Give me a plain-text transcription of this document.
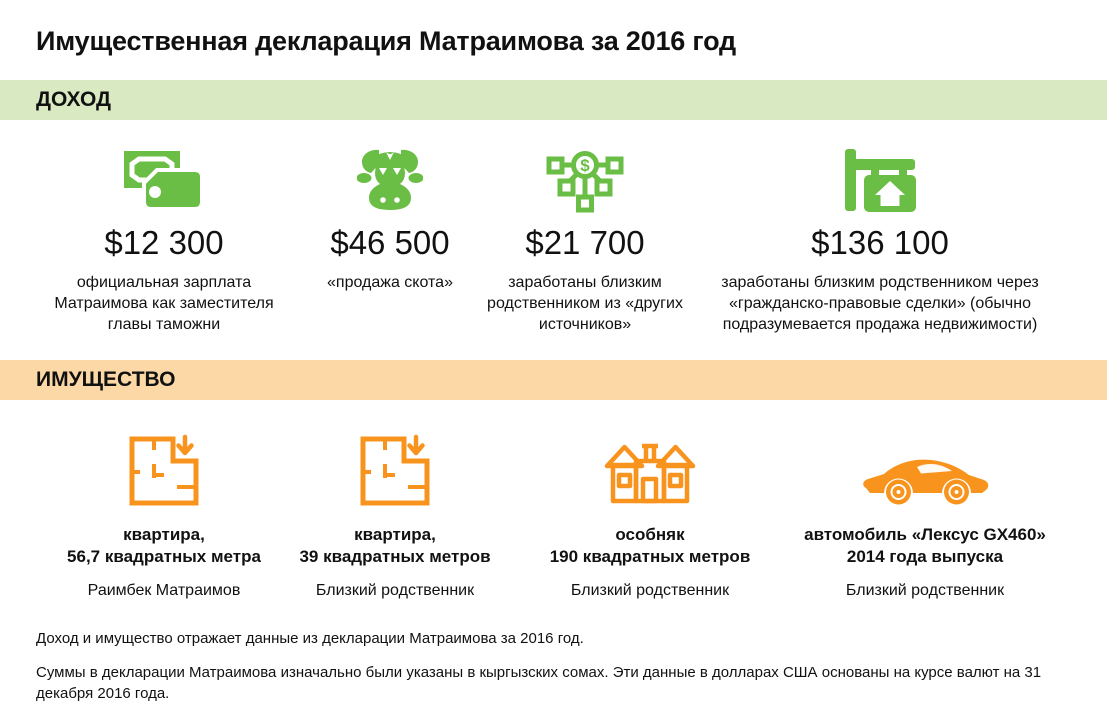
Имущественная декларация Матраимова за 2016 год
ДОХОД
$12 300
официальная зарплата Матраимова как заместителя главы таможни
$46 500
«продажа скота»
$
$21 700
заработаны близким родственником из «других источников»
$136 100
заработаны близким родственником через «гражданско-правовые сделки» (обычно подразумевается продажа недвижимости)
ИМУЩЕСТВО
квартира,
56,7 квадратных метра
Раимбек Матраимов
квартира,
39 квадратных метров
Близкий родственник
особняк
190 квадратных метров
Близкий родственник
автомобиль «Лексус GX460»
2014 года выпуска
Близкий родственник

Доход и имущество отражает данные из декларации Матраимова за 2016 год.

Суммы в декларации Матраимова изначально были указаны в кыргызских сомах. Эти данные в долларах США основаны на курсе валют на 31 декабря 2016 года.
